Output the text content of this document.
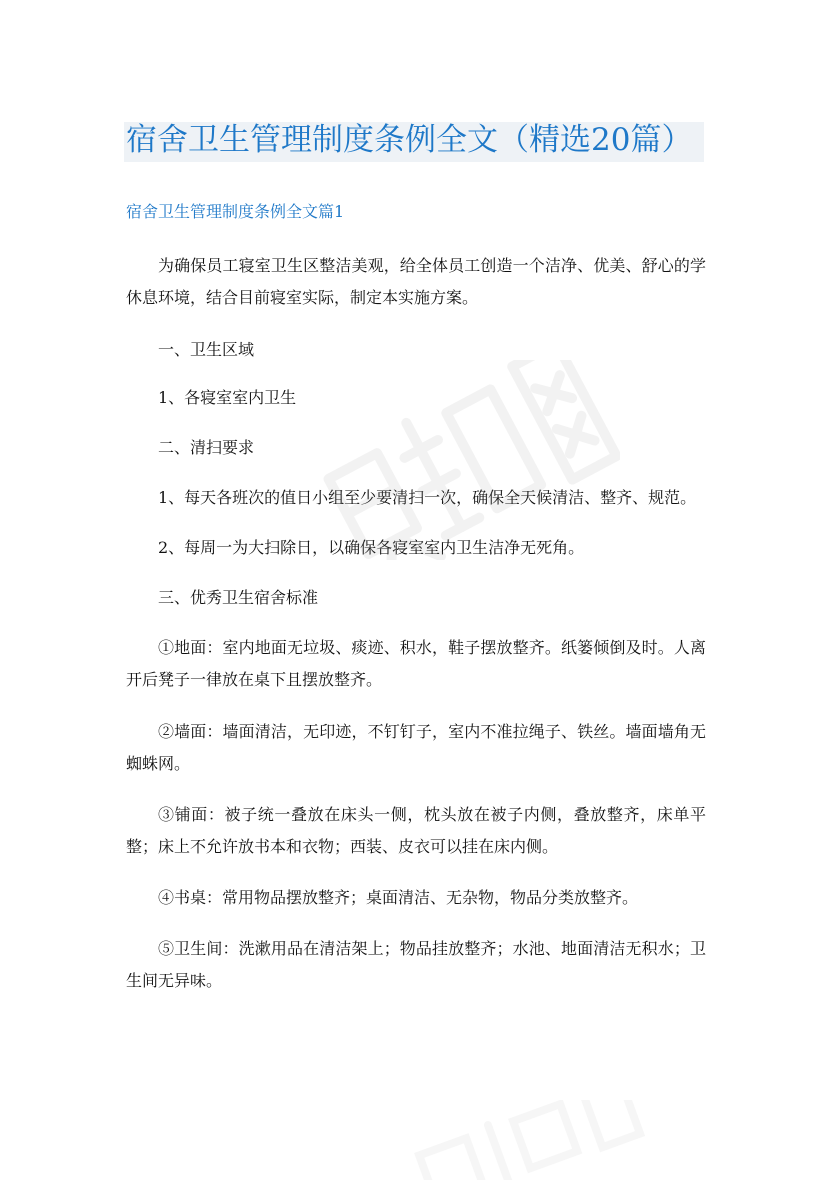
宿舍卫生管理制度条例全文（精选20篇）
宿舍卫生管理制度条例全文篇1

为确保员工寝室卫生区整洁美观，给全体员工创造一个洁净、优美、舒心的学休息环境，结合目前寝室实际，制定本实施方案。

一、卫生区域

1、各寝室室内卫生

二、清扫要求

1、每天各班次的值日小组至少要清扫一次，确保全天候清洁、整齐、规范。

2、每周一为大扫除日，以确保各寝室室内卫生洁净无死角。

三、优秀卫生宿舍标准

①地面：室内地面无垃圾、痰迹、积水，鞋子摆放整齐。纸篓倾倒及时。人离开后凳子一律放在桌下且摆放整齐。

②墙面：墙面清洁，无印迹，不钉钉子，室内不准拉绳子、铁丝。墙面墙角无蜘蛛网。

③铺面：被子统一叠放在床头一侧，枕头放在被子内侧，叠放整齐，床单平整；床上不允许放书本和衣物；西装、皮衣可以挂在床内侧。

④书桌：常用物品摆放整齐；桌面清洁、无杂物，物品分类放整齐。

⑤卫生间：洗漱用品在清洁架上；物品挂放整齐；水池、地面清洁无积水；卫生间无异味。
